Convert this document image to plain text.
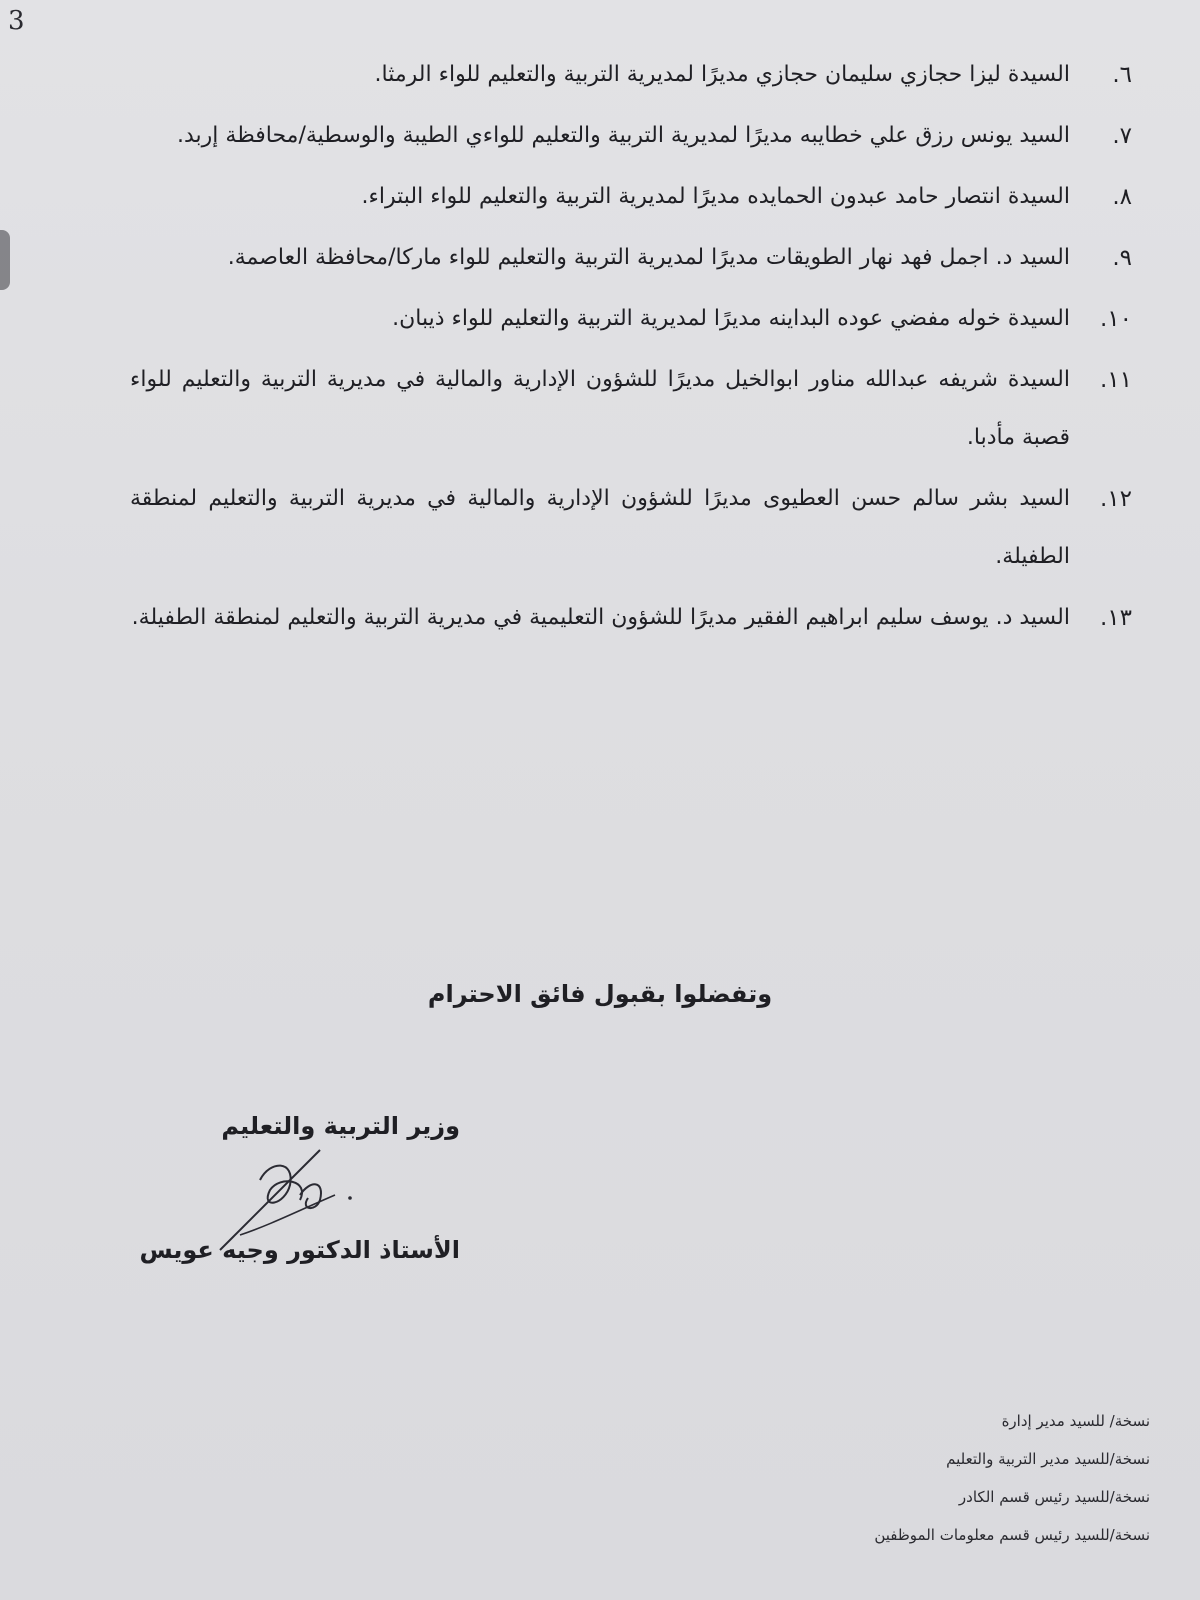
3
٦.
السيدة ليزا حجازي سليمان حجازي مديرًا لمديرية التربية والتعليم للواء الرمثا.
٧.
السيد يونس رزق علي خطايبه مديرًا لمديرية التربية والتعليم للواءي الطيبة والوسطية/محافظة إربد.
٨.
السيدة انتصار حامد عبدون الحمايده مديرًا لمديرية التربية والتعليم للواء البتراء.
٩.
السيد د. اجمل فهد نهار الطويقات مديرًا لمديرية التربية والتعليم للواء ماركا/محافظة العاصمة.
١٠.
السيدة خوله مفضي عوده البداينه مديرًا لمديرية التربية والتعليم للواء ذيبان.
١١.
السيدة شريفه عبدالله مناور ابوالخيل مديرًا للشؤون الإدارية والمالية في مديرية التربية والتعليم للواء قصبة مأدبا.
١٢.
السيد بشر سالم حسن العطيوى مديرًا للشؤون الإدارية والمالية في مديرية التربية والتعليم لمنطقة الطفيلة.
١٣.
السيد د. يوسف سليم ابراهيم الفقير مديرًا للشؤون التعليمية في مديرية التربية والتعليم لمنطقة الطفيلة.
وتفضلوا بقبول فائق الاحترام
وزير التربية والتعليم
الأستاذ الدكتور وجيه عويس
نسخة/ للسيد مدير إدارة
نسخة/للسيد مدير التربية والتعليم
نسخة/للسيد رئيس قسم الكادر
نسخة/للسيد رئيس قسم معلومات الموظفين
